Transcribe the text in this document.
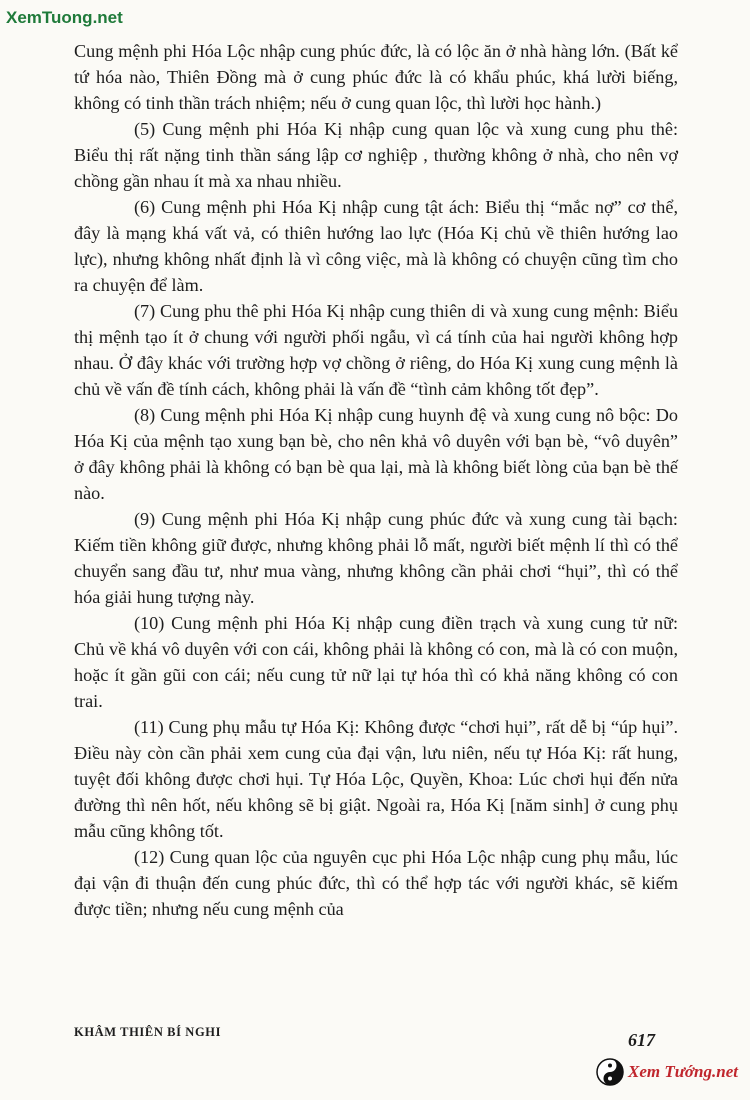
XemTuong.net

Cung mệnh phi Hóa Lộc nhập cung phúc đức, là có lộc ăn ở nhà hàng lớn. (Bất kể tứ hóa nào, Thiên Đồng mà ở cung phúc đức là có khẩu phúc, khá lười biếng, không có tinh thần trách nhiệm; nếu ở cung quan lộc, thì lười học hành.)

(5) Cung mệnh phi Hóa Kị nhập cung quan lộc và xung cung phu thê: Biểu thị rất nặng tinh thần sáng lập cơ nghiệp , thường không ở nhà, cho nên vợ chồng gần nhau ít mà xa nhau nhiều.

(6) Cung mệnh phi Hóa Kị nhập cung tật ách: Biểu thị “mắc nợ” cơ thể, đây là mạng khá vất vả, có thiên hướng lao lực (Hóa Kị chủ về thiên hướng lao lực), nhưng không nhất định là vì công việc, mà là không có chuyện cũng tìm cho ra chuyện để làm.

(7) Cung phu thê phi Hóa Kị nhập cung thiên di và xung cung mệnh: Biểu thị mệnh tạo ít ở chung với người phối ngẫu, vì cá tính của hai người không hợp nhau. Ở đây khác với trường hợp vợ chồng ở riêng, do Hóa Kị xung cung mệnh là chủ về vấn đề tính cách, không phải là vấn đề “tình cảm không tốt đẹp”.

(8) Cung mệnh phi Hóa Kị nhập cung huynh đệ và xung cung nô bộc: Do Hóa Kị của mệnh tạo xung bạn bè, cho nên khả vô duyên với bạn bè, “vô duyên” ở đây không phải là không có bạn bè qua lại, mà là không biết lòng của bạn bè thế nào.

(9) Cung mệnh phi Hóa Kị nhập cung phúc đức và xung cung tài bạch: Kiếm tiền không giữ được, nhưng không phải lỗ mất, người biết mệnh lí thì có thể chuyển sang đầu tư, như mua vàng, nhưng không cần phải chơi “hụi”, thì có thể hóa giải hung tượng này.

(10) Cung mệnh phi Hóa Kị nhập cung điền trạch và xung cung tử nữ: Chủ về khá vô duyên với con cái, không phải là không có con, mà là có con muộn, hoặc ít gần gũi con cái; nếu cung tử nữ lại tự hóa thì có khả năng không có con trai.

(11) Cung phụ mẫu tự Hóa Kị: Không được “chơi hụi”, rất dễ bị “úp hụi”. Điều này còn cần phải xem cung của đại vận, lưu niên, nếu tự Hóa Kị: rất hung, tuyệt đối không được chơi hụi. Tự Hóa Lộc, Quyền, Khoa: Lúc chơi hụi đến nửa đường thì nên hốt, nếu không sẽ bị giật. Ngoài ra, Hóa Kị [năm sinh] ở cung phụ mẫu cũng không tốt.

(12) Cung quan lộc của nguyên cục phi Hóa Lộc nhập cung phụ mẫu, lúc đại vận đi thuận đến cung phúc đức, thì có thể hợp tác với người khác, sẽ kiếm được tiền; nhưng nếu cung mệnh của

KHÂM THIÊN BÍ NGHI	617
Xem Tướng.net
